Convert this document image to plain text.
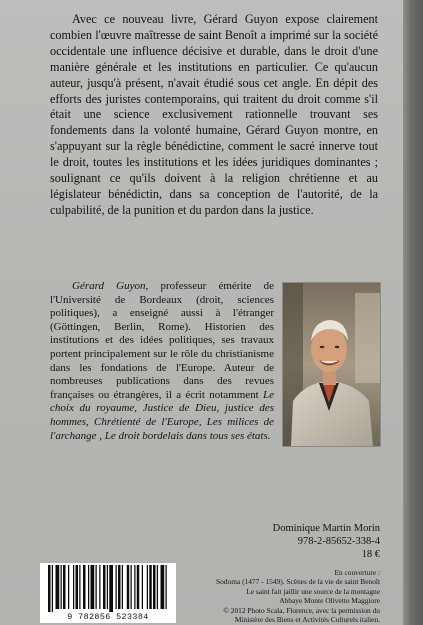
Avec ce nouveau livre, Gérard Guyon expose clairement combien l'œuvre maîtresse de saint Benoît a imprimé sur la société occidentale une influence décisive et durable, dans le droit d'une manière générale et les institutions en particulier. Ce qu'aucun auteur, jusqu'à présent, n'avait étudié sous cet angle. En dépit des efforts des juristes contemporains, qui traitent du droit comme s'il était une science exclusivement rationnelle trouvant ses fondements dans la volonté humaine, Gérard Guyon montre, en s'appuyant sur la règle bénédictine, comment le sacré innerve tout le droit, toutes les institutions et les idées juridiques dominantes ; soulignant ce qu'ils doivent à la religion chrétienne et au législateur bénédictin, dans sa conception de l'autorité, de la culpabilité, de la punition et du pardon dans la justice.

Gérard Guyon, professeur émérite de l'Université de Bordeaux (droit, sciences politiques), a enseigné aussi à l'étranger (Göttingen, Berlin, Rome). Historien des institutions et des idées politiques, ses travaux portent principalement sur le rôle du christianisme dans les fondations de l'Europe. Auteur de nombreuses publications dans des revues françaises ou étrangères, il a écrit notamment Le choix du royaume, Justice de Dieu, justice des hommes, Chrétienté de l'Europe, Les milices de l'archange , Le droit bordelais dans tous ses états.

Dominique Martin Morin
978-2-85652-338-4
18 €
En couverture :
Sodoma (1477 - 1549). Scènes de la vie de saint Benoît
Le saint fait jaillir une source de la montagne
Abbaye Monte Olivetto Maggiore
© 2012 Photo Scala, Florence, avec la permission du
Ministère des Biens et Activités Culturels italien.
9 782856 523384
